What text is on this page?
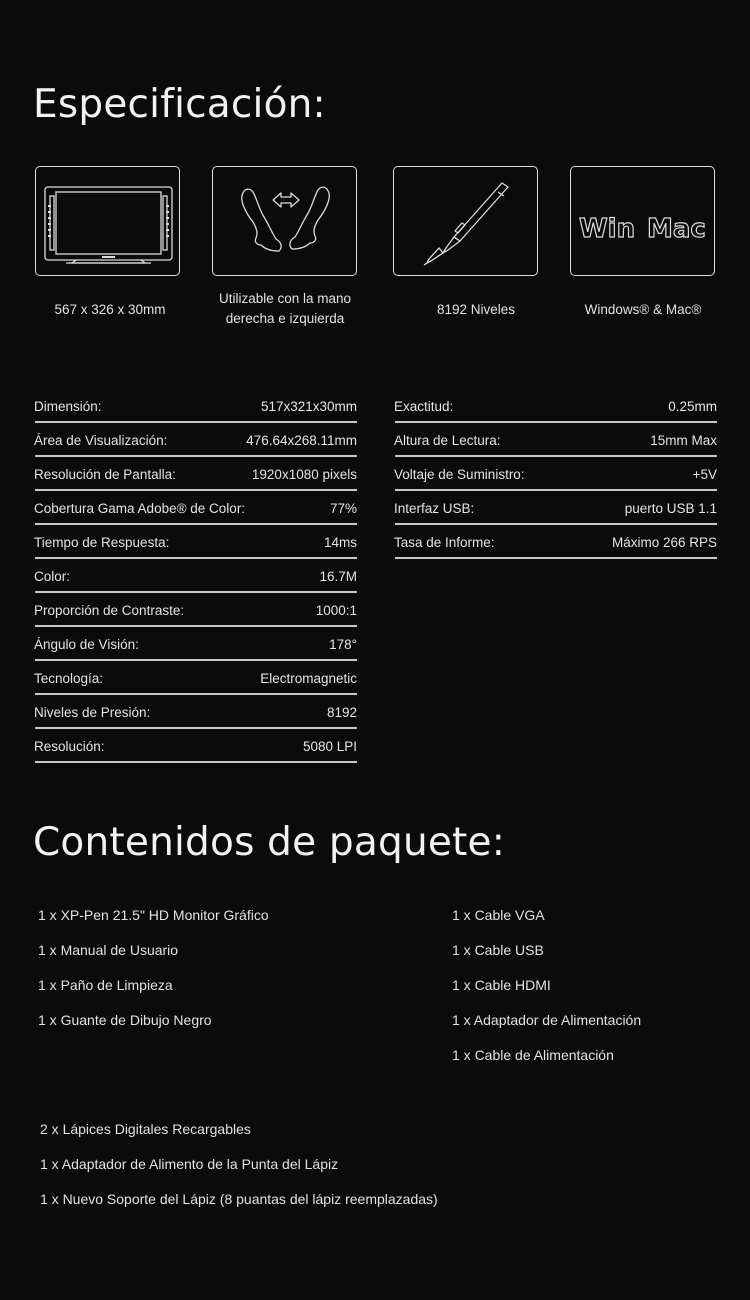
Especificación:
Win Mac
567 x 326 x 30mm
Utilizable con la mano
derecha e izquierda
8192 Niveles	Windows® & Mac®
Dimensión:	517x321x30mm
Área de Visualización:	476.64x268.11mm
Resolución de Pantalla:	1920x1080 pixels
Cobertura Gama Adobe® de Color:	77%
Tiempo de Respuesta:	14ms
Color:	16.7M
Proporción de Contraste:	1000:1
Ángulo de Visión:	178°
Tecnología:	Electromagnetic
Niveles de Presión:	8192
Resolución:	5080 LPI
Exactitud:	0.25mm
Altura de Lectura:	15mm Max
Voltaje de Suministro:	+5V
Interfaz USB:	puerto USB 1.1
Tasa de Informe:	Máximo 266 RPS
Contenidos de paquete:
1 x XP-Pen 21.5" HD Monitor Gráfico
1 x Manual de Usuario
1 x Paño de Limpieza
1 x Guante de Dibujo Negro
1 x Cable VGA
1 x Cable USB
1 x Cable HDMI
1 x Adaptador de Alimentación
1 x Cable de Alimentación
2 x Lápices Digitales Recargables
1 x Adaptador de Alimento de la Punta del Lápiz
1 x Nuevo Soporte del Lápiz (8 puantas del lápiz reemplazadas)
